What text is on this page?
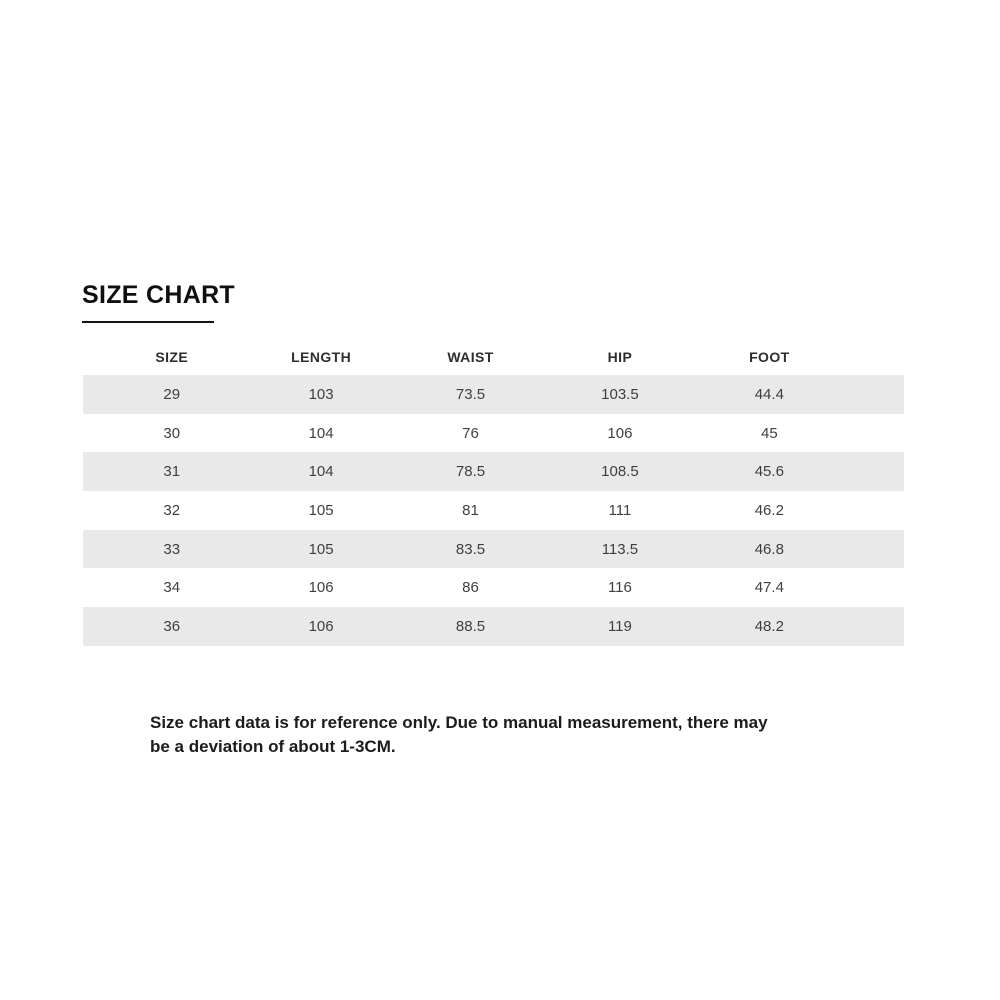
SIZE CHART
SIZE	LENGTH	WAIST	HIP	FOOT
29	103	73.5	103.5	44.4
30	104	76	106	45
31	104	78.5	108.5	45.6
32	105	81	111	46.2
33	105	83.5	113.5	46.8
34	106	86	116	47.4
36	106	88.5	119	48.2

Size chart data is for reference only. Due to manual measurement, there may
be a deviation of about 1-3CM.
